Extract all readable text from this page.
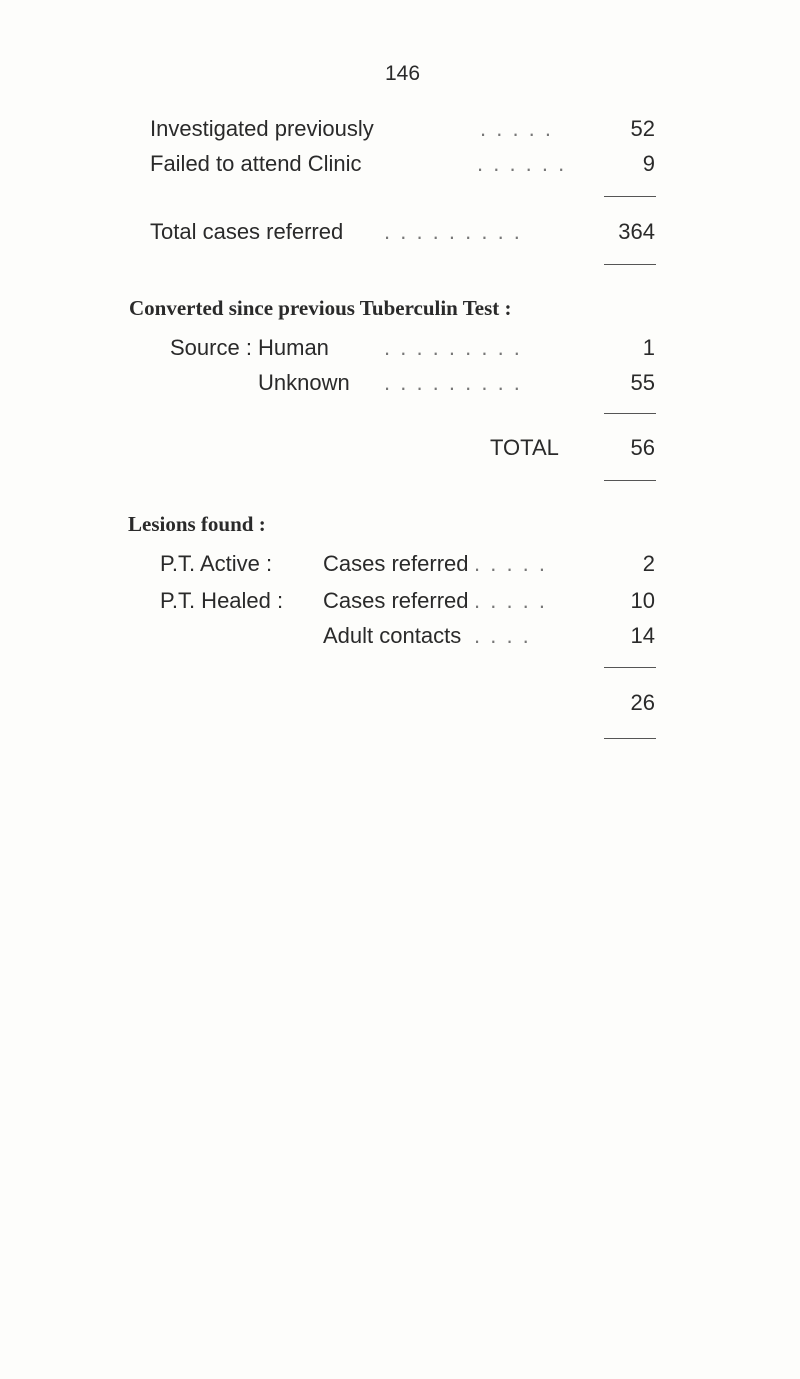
146
Investigated previously	. . . . .	52
Failed to attend Clinic	. . . . . .	9
Total cases referred . . . . . . . . .	364
Converted since previous Tuberculin Test :
Source : Human	. . . . . . . . .	1
Unknown . . . . . . . . .	55
TOTAL	56
Lesions found :
P.T. Active : Cases referred . . . . .	2
P.T. Healed : Cases referred . . . . .	10
Adult contacts . . . .	14
26
